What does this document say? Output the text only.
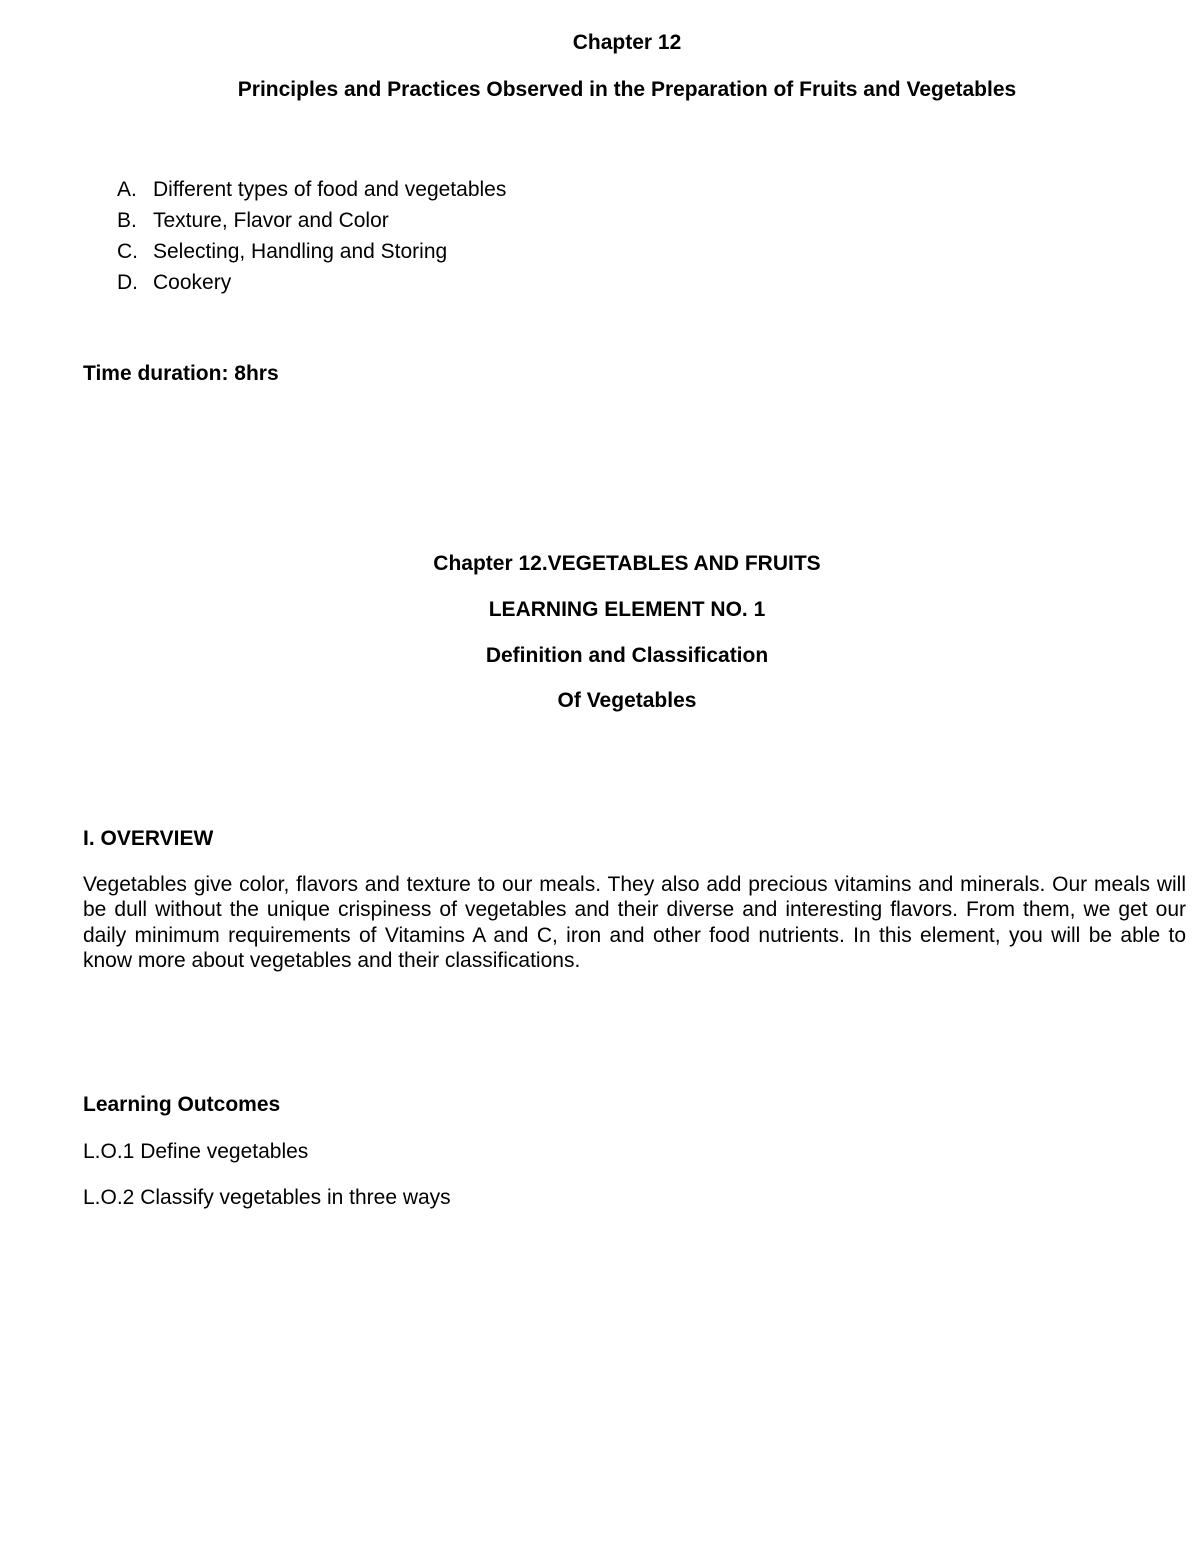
Chapter 12
Principles and Practices Observed in the Preparation of Fruits and Vegetables
A. Different types of food and vegetables
B. Texture, Flavor and Color
C. Selecting, Handling and Storing
D. Cookery
Time duration: 8hrs
Chapter 12.VEGETABLES AND FRUITS
LEARNING ELEMENT NO. 1
Definition and Classification
Of Vegetables
I. OVERVIEW
Vegetables give color, flavors and texture to our meals. They also add precious vitamins and minerals. Our meals will be dull without the unique crispiness of vegetables and their diverse and interesting flavors. From them, we get our daily minimum requirements of Vitamins A and C, iron and other food nutrients. In this element, you will be able to know more about vegetables and their classifications.
Learning Outcomes
L.O.1 Define vegetables
L.O.2 Classify vegetables in three ways
